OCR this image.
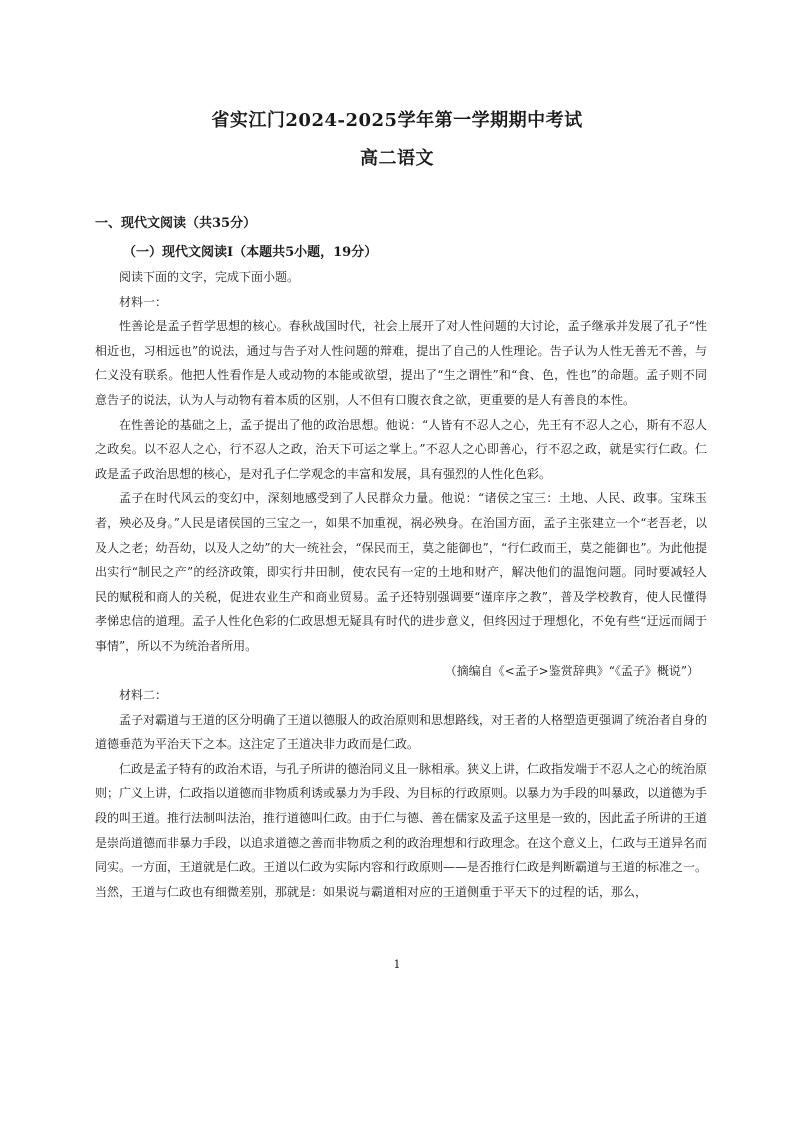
省实江门2024-2025学年第一学期期中考试
高二语文
一、现代文阅读（共35分）
（一）现代文阅读Ⅰ（本题共5小题，19分）

阅读下面的文字，完成下面小题。

材料一：

性善论是孟子哲学思想的核心。春秋战国时代，社会上展开了对人性问题的大讨论，孟子继承并发展了孔子“性相近也，习相远也”的说法，通过与告子对人性问题的辩难，提出了自己的人性理论。告子认为人性无善无不善，与仁义没有联系。他把人性看作是人或动物的本能或欲望，提出了“生之谓性”和“食、色，性也”的命题。孟子则不同意告子的说法，认为人与动物有着本质的区别，人不但有口腹衣食之欲，更重要的是人有善良的本性。

在性善论的基础之上，孟子提出了他的政治思想。他说：“人皆有不忍人之心，先王有不忍人之心，斯有不忍人之政矣。以不忍人之心，行不忍人之政，治天下可运之掌上。”不忍人之心即善心，行不忍之政，就是实行仁政。仁政是孟子政治思想的核心，是对孔子仁学观念的丰富和发展，具有强烈的人性化色彩。

孟子在时代风云的变幻中，深刻地感受到了人民群众力量。他说：“诸侯之宝三：土地、人民、政事。宝珠玉者，殃必及身。”人民是诸侯国的三宝之一，如果不加重视，祸必殃身。在治国方面，孟子主张建立一个“老吾老，以及人之老；幼吾幼，以及人之幼”的大一统社会，“保民而王，莫之能御也”，“行仁政而王，莫之能御也”。为此他提出实行“制民之产”的经济政策，即实行井田制，使农民有一定的土地和财产，解决他们的温饱问题。同时要减轻人民的赋税和商人的关税，促进农业生产和商业贸易。孟子还特别强调要“谨庠序之教”，普及学校教育，使人民懂得孝悌忠信的道理。孟子人性化色彩的仁政思想无疑具有时代的进步意义，但终因过于理想化，不免有些“迂远而阔于事情”，所以不为统治者所用。

（摘编自《<孟子>鉴赏辞典》“《孟子》概说”）

材料二：

孟子对霸道与王道的区分明确了王道以德服人的政治原则和思想路线，对王者的人格塑造更强调了统治者自身的道德垂范为平治天下之本。这注定了王道决非力政而是仁政。

仁政是孟子特有的政治术语，与孔子所讲的德治同义且一脉相承。狭义上讲，仁政指发端于不忍人之心的统治原则；广义上讲，仁政指以道德而非物质利诱或暴力为手段、为目标的行政原则。以暴力为手段的叫暴政，以道德为手段的叫王道。推行法制叫法治，推行道德叫仁政。由于仁与德、善在儒家及孟子这里是一致的，因此孟子所讲的王道是崇尚道德而非暴力手段，以追求道德之善而非物质之利的政治理想和行政理念。在这个意义上，仁政与王道异名而同实。一方面，王道就是仁政。王道以仁政为实际内容和行政原则——是否推行仁政是判断霸道与王道的标准之一。当然，王道与仁政也有细微差别，那就是：如果说与霸道相对应的王道侧重于平天下的过程的话，那么，

1
